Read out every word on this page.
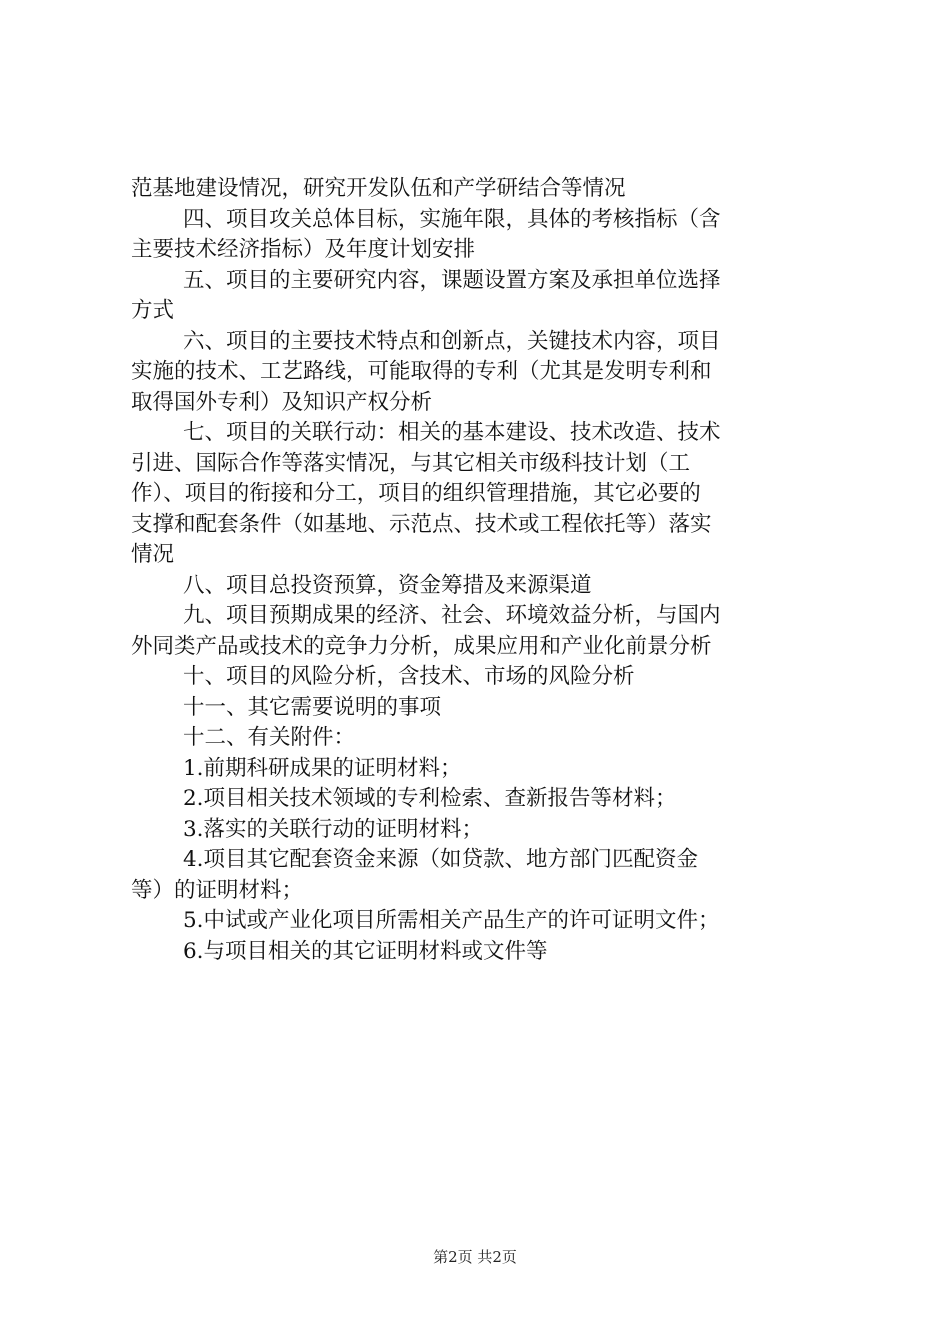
范基地建设情况，研究开发队伍和产学研结合等情况
四、项目攻关总体目标，实施年限，具体的考核指标（含
主要技术经济指标）及年度计划安排
五、项目的主要研究内容，课题设置方案及承担单位选择
方式
六、项目的主要技术特点和创新点，关键技术内容，项目
实施的技术、工艺路线，可能取得的专利（尤其是发明专利和
取得国外专利）及知识产权分析
七、项目的关联行动：相关的基本建设、技术改造、技术
引进、国际合作等落实情况，与其它相关市级科技计划（工
作）、项目的衔接和分工，项目的组织管理措施，其它必要的
支撑和配套条件（如基地、示范点、技术或工程依托等）落实
情况
八、项目总投资预算，资金筹措及来源渠道
九、项目预期成果的经济、社会、环境效益分析，与国内
外同类产品或技术的竞争力分析，成果应用和产业化前景分析
十、项目的风险分析，含技术、市场的风险分析
十一、其它需要说明的事项
十二、有关附件：
1.前期科研成果的证明材料；
2.项目相关技术领域的专利检索、查新报告等材料；
3.落实的关联行动的证明材料；
4.项目其它配套资金来源（如贷款、地方部门匹配资金
等）的证明材料；
5.中试或产业化项目所需相关产品生产的许可证明文件；
6.与项目相关的其它证明材料或文件等
第2页 共2页
